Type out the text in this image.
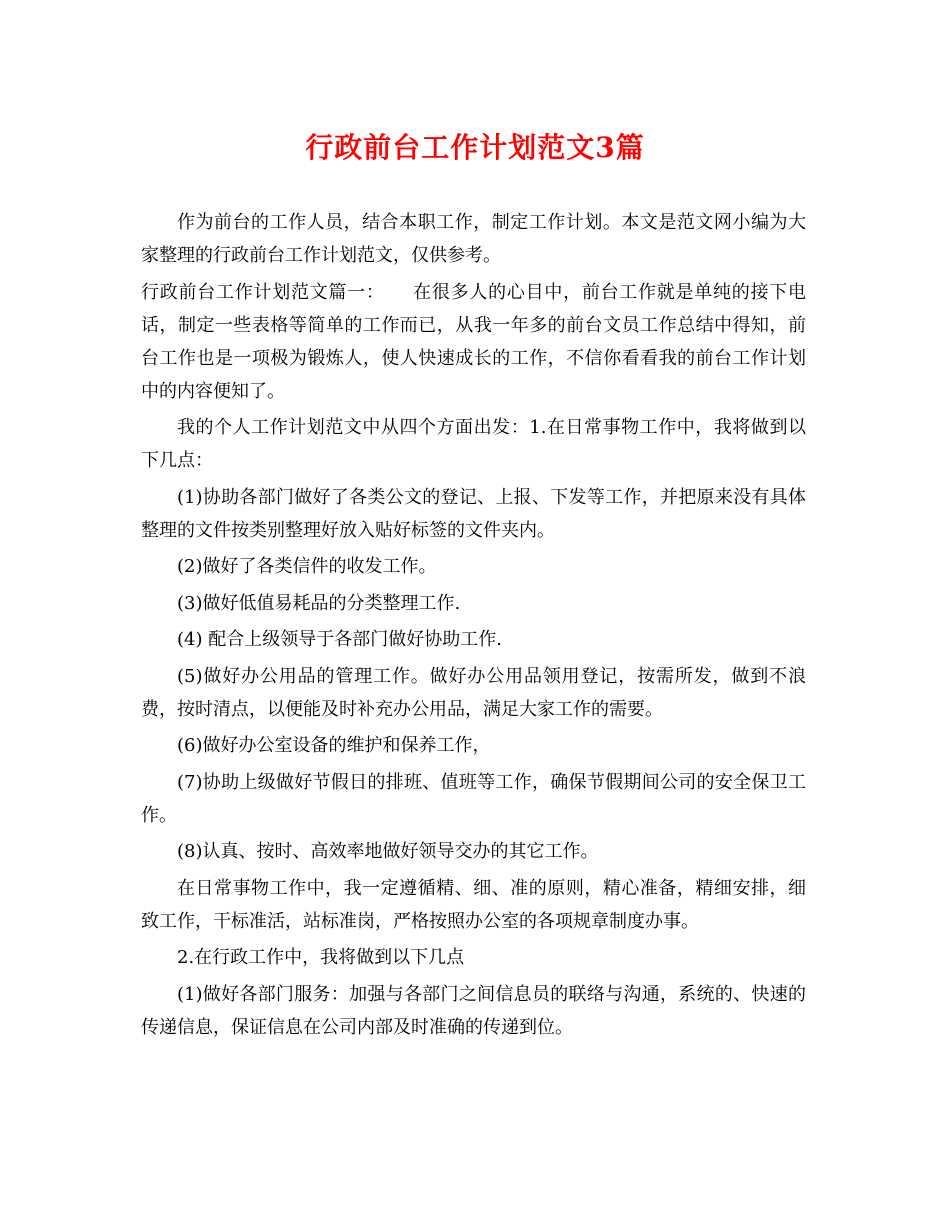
行政前台工作计划范文3篇

作为前台的工作人员，结合本职工作，制定工作计划。本文是范文网小编为大家整理的行政前台工作计划范文，仅供参考。

行政前台工作计划范文篇一：　　在很多人的心目中，前台工作就是单纯的接下电话，制定一些表格等简单的工作而已，从我一年多的前台文员工作总结中得知，前台工作也是一项极为锻炼人，使人快速成长的工作，不信你看看我的前台工作计划中的内容便知了。

我的个人工作计划范文中从四个方面出发：1.在日常事物工作中，我将做到以下几点：

(1)协助各部门做好了各类公文的登记、上报、下发等工作，并把原来没有具体整理的文件按类别整理好放入贴好标签的文件夹内。

(2)做好了各类信件的收发工作。

(3)做好低值易耗品的分类整理工作.

(4) 配合上级领导于各部门做好协助工作.

(5)做好办公用品的管理工作。做好办公用品领用登记，按需所发，做到不浪费，按时清点，以便能及时补充办公用品，满足大家工作的需要。

(6)做好办公室设备的维护和保养工作，

(7)协助上级做好节假日的排班、值班等工作，确保节假期间公司的安全保卫工作。

(8)认真、按时、高效率地做好领导交办的其它工作。

在日常事物工作中，我一定遵循精、细、准的原则，精心准备，精细安排，细致工作，干标准活，站标准岗，严格按照办公室的各项规章制度办事。

2.在行政工作中，我将做到以下几点

(1)做好各部门服务：加强与各部门之间信息员的联络与沟通，系统的、快速的传递信息，保证信息在公司内部及时准确的传递到位。
